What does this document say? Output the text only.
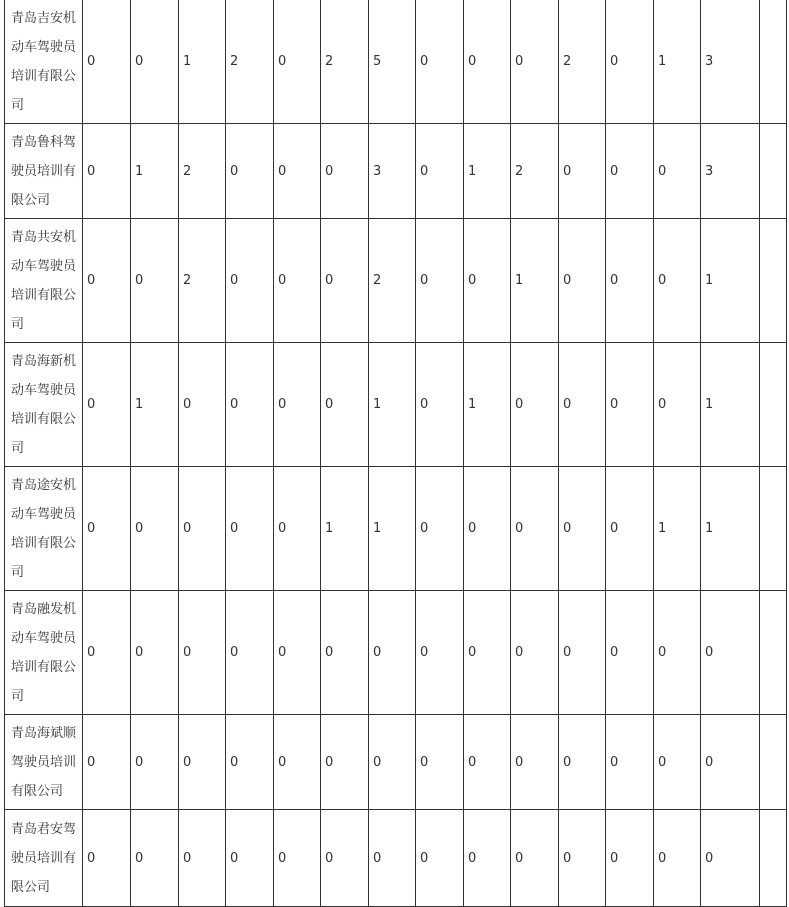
青岛吉安机动车驾驶员培训有限公司	0	0	1	2	0	2	5	0	0	0	2	0	1	3	
青岛鲁科驾驶员培训有限公司	0	1	2	0	0	0	3	0	1	2	0	0	0	3	
青岛共安机动车驾驶员培训有限公司	0	0	2	0	0	0	2	0	0	1	0	0	0	1	
青岛海新机动车驾驶员培训有限公司	0	1	0	0	0	0	1	0	1	0	0	0	0	1	
青岛途安机动车驾驶员培训有限公司	0	0	0	0	0	1	1	0	0	0	0	0	1	1	
青岛融发机动车驾驶员培训有限公司	0	0	0	0	0	0	0	0	0	0	0	0	0	0	
青岛海斌顺驾驶员培训有限公司	0	0	0	0	0	0	0	0	0	0	0	0	0	0	
青岛君安驾驶员培训有限公司	0	0	0	0	0	0	0	0	0	0	0	0	0	0	
